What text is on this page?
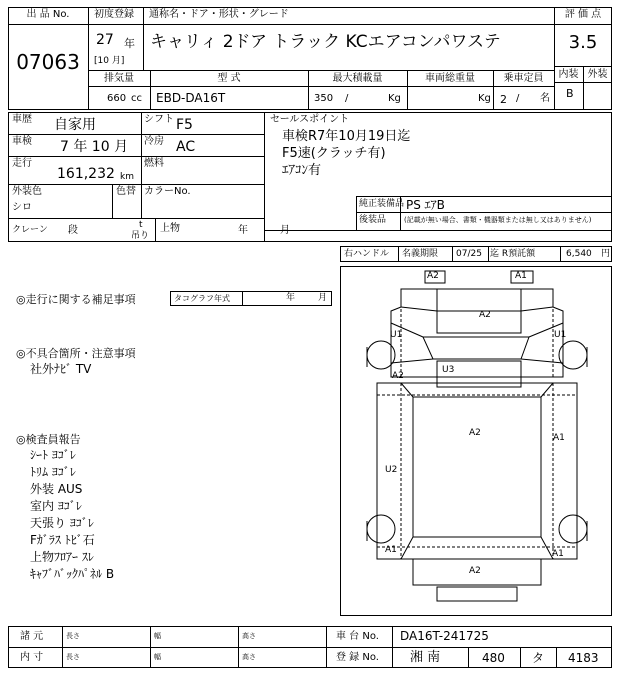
出 品 No.
07063
初度登録 通称名・ドア・形状・グレード
27 年
[10 月]
キャリィ 2ドア トラック KCエアコンパワステ
評 価 点
3.5
内装 外装
B
排気量	型 式	最大積載量	車両総重量	乗車定員
660 cc EBD-DA16T	350 /	Kg	Kg 2 / 名
車歴 自家用	シフト F5
車検 7 年 10 月 冷房 AC
走行
161,232 km
燃料
外装色
シロ
色替 カラーNo.
クレーン 段	t
吊り
上物	年	月
セールスポイント
車検R7年10月19日迄
F5速(クラッチ有)
ｴｱｺﾝ有
純正装備品 PS ｴｱB
後装品	(記載が無い場合、書類・機器類または無し又はありません)
右ハンドル 名義期限 07/25 迄 R預託額	6,540 円
◎走行に関する補足事項	タコグラフ年式	年	月
◎不具合箇所・注意事項
社外ﾅﾋﾞ TV
◎検査員報告
ｼｰﾄ ﾖｺﾞﾚ
ﾄﾘﾑ ﾖｺﾞﾚ
外装 AUS
室内 ﾖｺﾞﾚ
天張り ﾖｺﾞﾚ
Fｶﾞﾗｽ ﾄﾋﾞ石
上物ﾌﾛｱｰ ｽﾚ
ｷｬﾌﾞﾊﾞｯｸﾊﾟﾈﾙ B
A2	A1
A2
U1	U1
A2
U3
A2	A1
U2
A1
A1
A2
諸 元
内 寸
長さ	幅	高さ
長さ	幅	高さ
車 台 No. DA16T-241725
登 録 No. 湘 南	480 タ 4183
